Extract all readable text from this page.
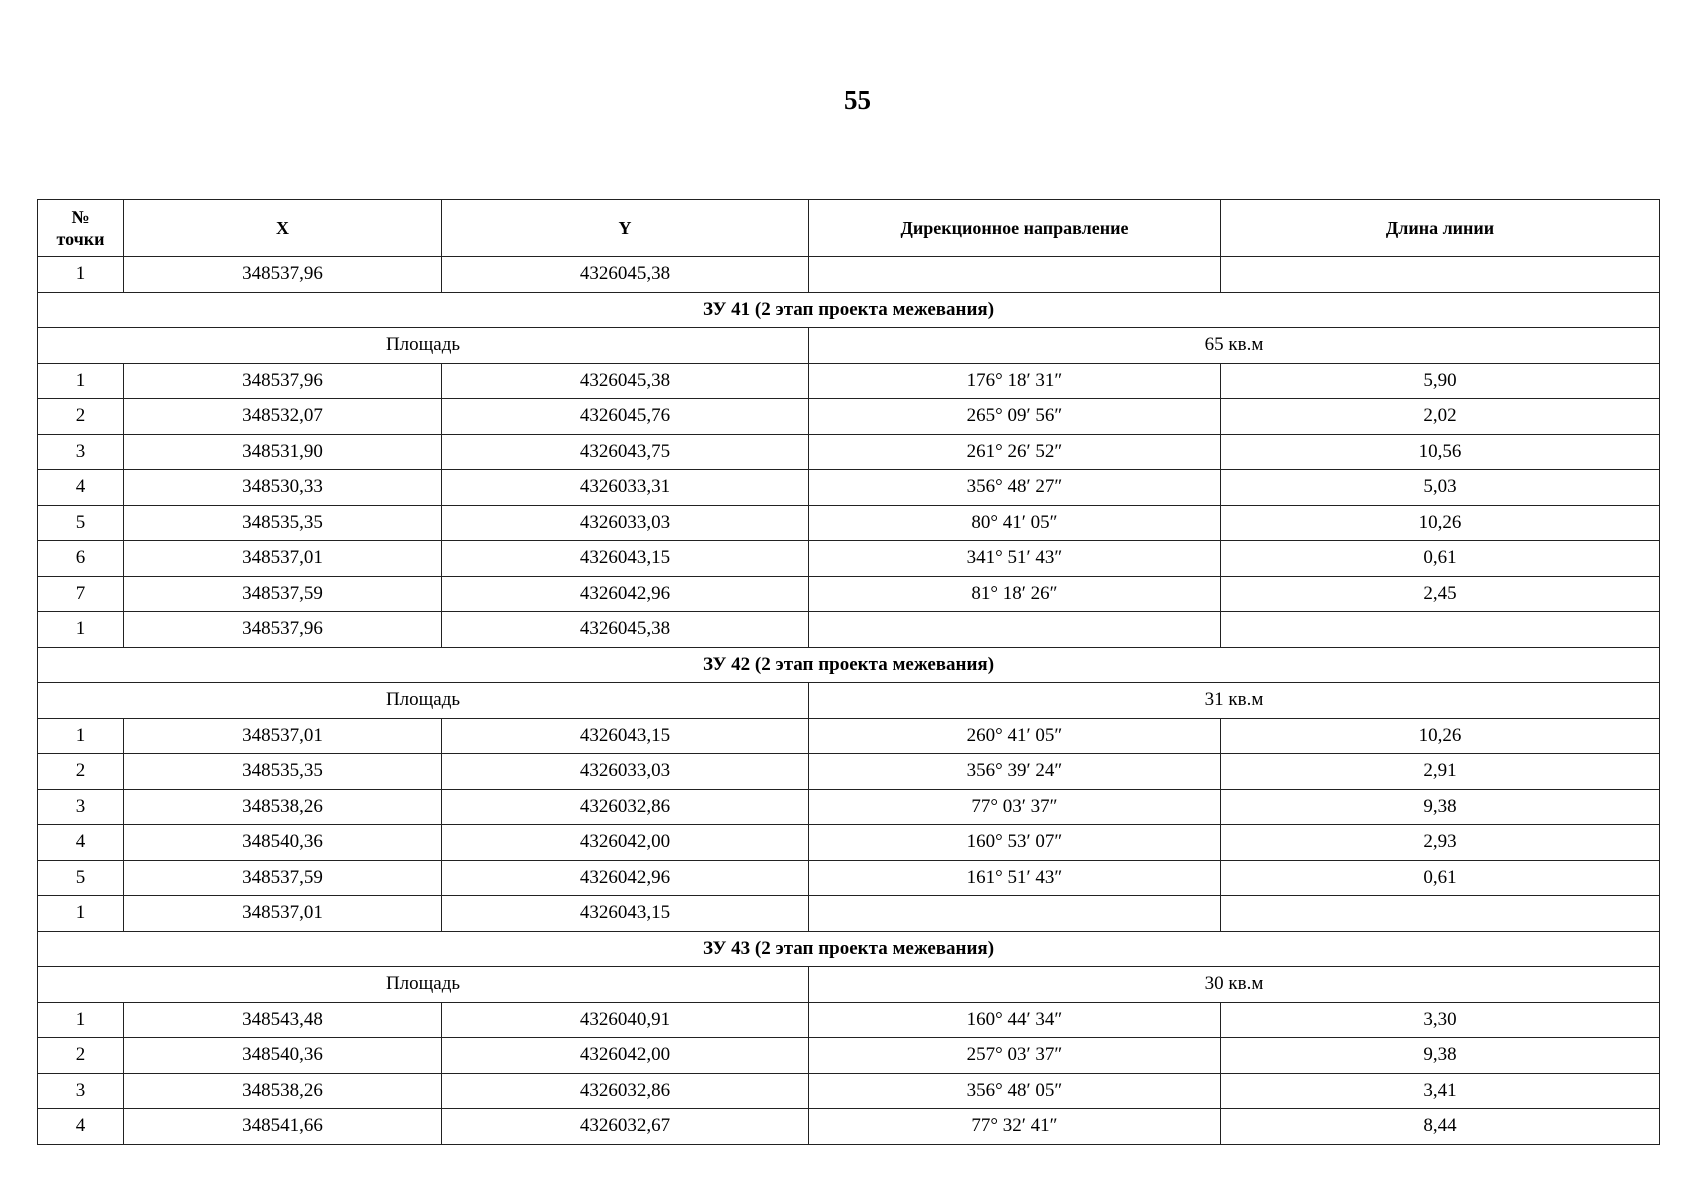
55
№
точки	X	Y	Дирекционное направление	Длина линии
1	348537,96	4326045,38		
ЗУ 41 (2 этап проекта межевания)				
Площадь			65 кв.м	
1	348537,96	4326045,38	176° 18′ 31″	5,90
2	348532,07	4326045,76	265° 09′ 56″	2,02
3	348531,90	4326043,75	261° 26′ 52″	10,56
4	348530,33	4326033,31	356° 48′ 27″	5,03
5	348535,35	4326033,03	80° 41′ 05″	10,26
6	348537,01	4326043,15	341° 51′ 43″	0,61
7	348537,59	4326042,96	81° 18′ 26″	2,45
1	348537,96	4326045,38		
ЗУ 42 (2 этап проекта межевания)				
Площадь			31 кв.м	
1	348537,01	4326043,15	260° 41′ 05″	10,26
2	348535,35	4326033,03	356° 39′ 24″	2,91
3	348538,26	4326032,86	77° 03′ 37″	9,38
4	348540,36	4326042,00	160° 53′ 07″	2,93
5	348537,59	4326042,96	161° 51′ 43″	0,61
1	348537,01	4326043,15		
ЗУ 43 (2 этап проекта межевания)				
Площадь			30 кв.м	
1	348543,48	4326040,91	160° 44′ 34″	3,30
2	348540,36	4326042,00	257° 03′ 37″	9,38
3	348538,26	4326032,86	356° 48′ 05″	3,41
4	348541,66	4326032,67	77° 32′ 41″	8,44
